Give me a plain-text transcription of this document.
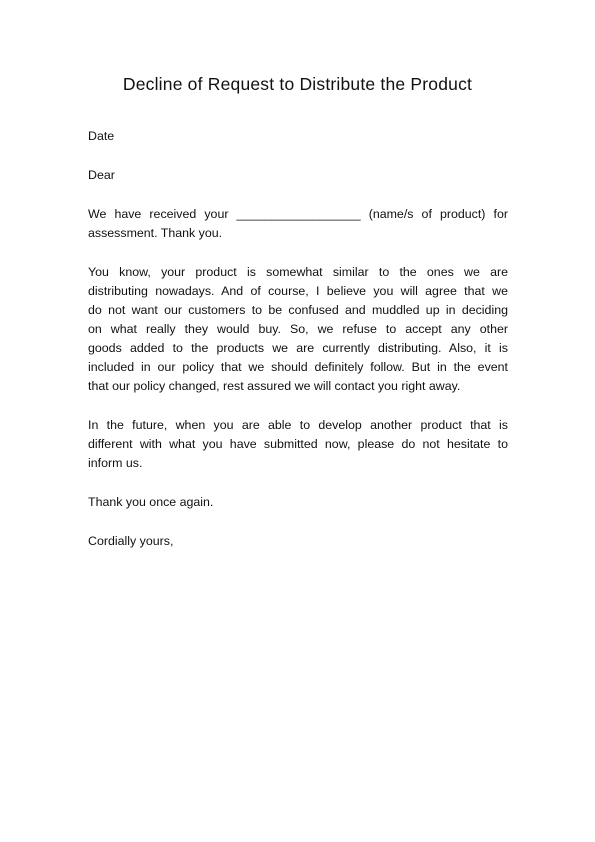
Decline of Request to Distribute the Product
Date
Dear
We have received your __________________ (name/s of product) for
assessment. Thank you.
You know, your product is somewhat similar to the ones we are
distributing nowadays. And of course, I believe you will agree that we
do not want our customers to be confused and muddled up in deciding
on what really they would buy. So, we refuse to accept any other
goods added to the products we are currently distributing. Also, it is
included in our policy that we should definitely follow. But in the event
that our policy changed, rest assured we will contact you right away.
In the future, when you are able to develop another product that is
different with what you have submitted now, please do not hesitate to
inform us.
Thank you once again.
Cordially yours,
